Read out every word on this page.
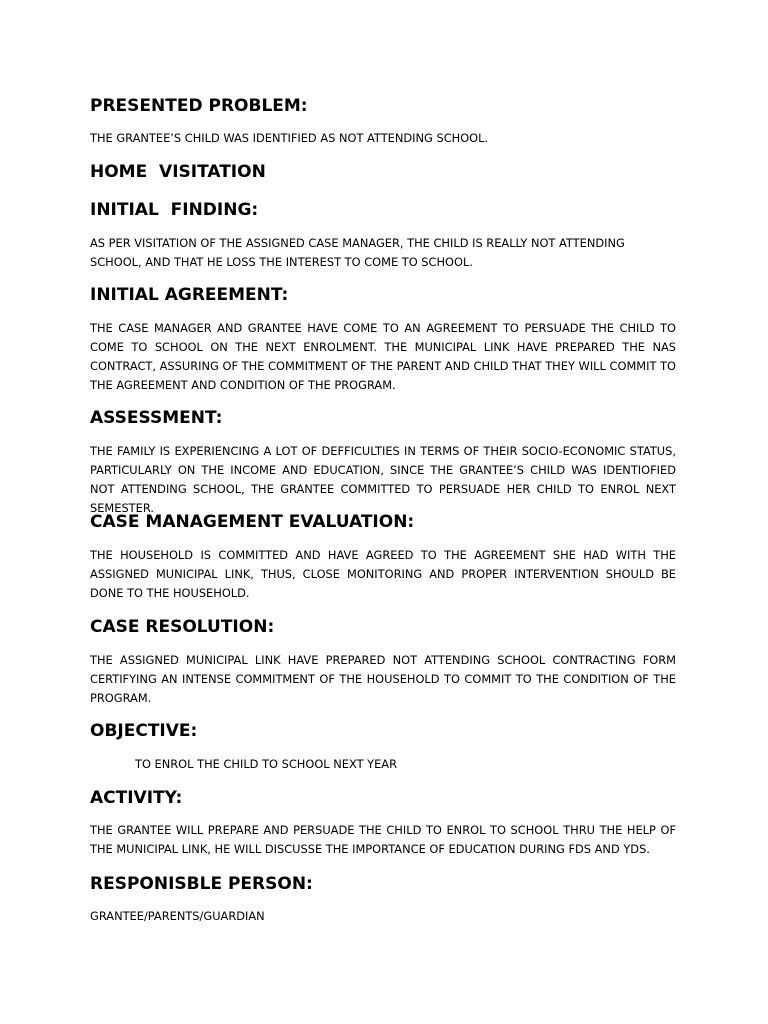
PRESENTED PROBLEM:

THE GRANTEE’S CHILD WAS IDENTIFIED AS NOT ATTENDING SCHOOL.

HOME  VISITATION
INITIAL  FINDING:

AS PER VISITATION OF THE ASSIGNED CASE MANAGER, THE CHILD IS REALLY NOT ATTENDING SCHOOL, AND THAT HE LOSS THE INTEREST TO COME TO SCHOOL.

INITIAL AGREEMENT:

THE CASE MANAGER AND GRANTEE HAVE COME TO AN AGREEMENT TO PERSUADE THE CHILD TO COME TO SCHOOL ON THE NEXT ENROLMENT. THE MUNICIPAL LINK HAVE PREPARED THE NAS CONTRACT, ASSURING OF THE COMMITMENT OF THE PARENT AND CHILD THAT THEY WILL COMMIT TO THE AGREEMENT AND CONDITION OF THE PROGRAM.

ASSESSMENT:

THE FAMILY IS EXPERIENCING A LOT OF DEFFICULTIES IN TERMS OF THEIR SOCIO-ECONOMIC STATUS, PARTICULARLY ON THE INCOME AND EDUCATION, SINCE THE GRANTEE’S CHILD WAS IDENTIOFIED NOT ATTENDING SCHOOL, THE GRANTEE COMMITTED TO PERSUADE HER CHILD TO ENROL NEXT SEMESTER.

CASE MANAGEMENT EVALUATION:

THE HOUSEHOLD IS COMMITTED AND HAVE AGREED TO THE AGREEMENT SHE HAD WITH THE ASSIGNED MUNICIPAL LINK, THUS, CLOSE MONITORING AND PROPER INTERVENTION SHOULD BE DONE TO THE HOUSEHOLD.

CASE RESOLUTION:

THE ASSIGNED MUNICIPAL LINK HAVE PREPARED NOT ATTENDING SCHOOL CONTRACTING FORM CERTIFYING AN INTENSE COMMITMENT OF THE HOUSEHOLD TO COMMIT TO THE CONDITION OF THE PROGRAM.

OBJECTIVE:

TO ENROL THE CHILD TO SCHOOL NEXT YEAR

ACTIVITY:

THE GRANTEE WILL PREPARE AND PERSUADE THE CHILD TO ENROL TO SCHOOL THRU THE HELP OF THE MUNICIPAL LINK, HE WILL DISCUSSE THE IMPORTANCE OF EDUCATION DURING FDS AND YDS.

RESPONISBLE PERSON:

GRANTEE/PARENTS/GUARDIAN
